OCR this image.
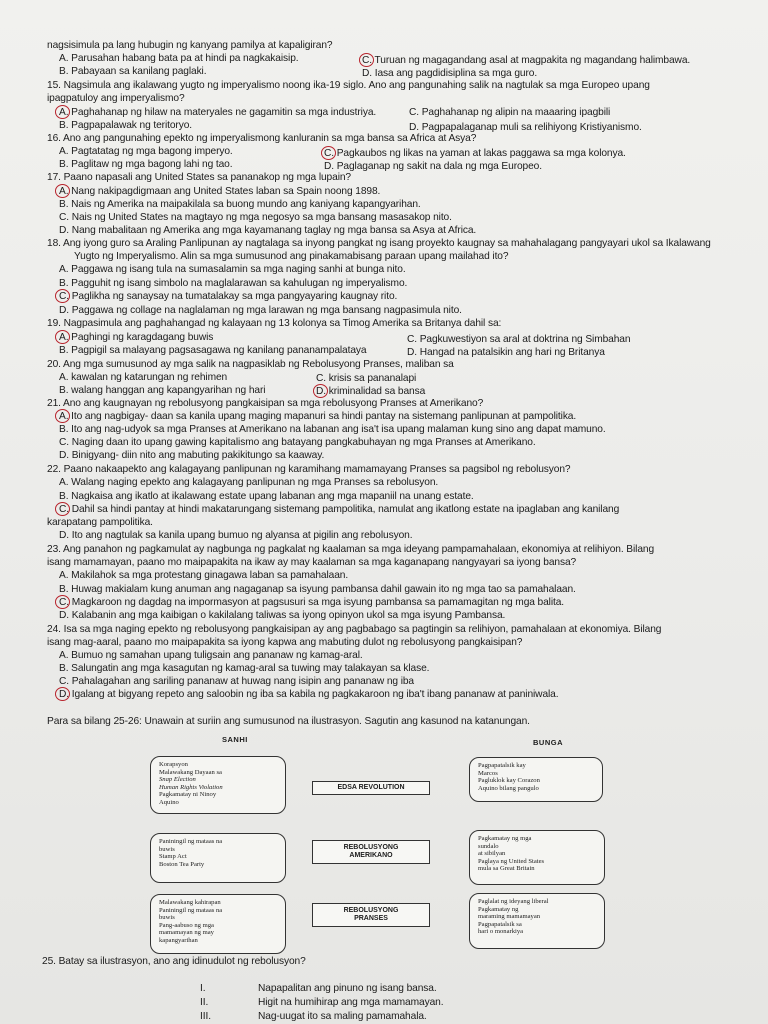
nagsisimula pa lang hubugin ng kanyang pamilya at kapaligiran?
A. Parusahan habang bata pa at hindi pa nagkakaisip.	C. Turuan ng magagandang asal at magpakita ng magandang halimbawa.
B. Pabayaan sa kanilang paglaki.	D. Iasa ang pagdidisiplina sa mga guro.
15. Nagsimula ang ikalawang yugto ng imperyalismo noong ika-19 siglo. Ano ang pangunahing salik na nagtulak sa mga Europeo upang
ipagpatuloy ang imperyalismo?
A. Paghahanap ng hilaw na materyales ne gagamitin sa mga industriya.	C. Paghahanap ng alipin na maaaring ipagbili
B. Pagpapalawak ng teritoryo.	D. Pagpapalaganap muli sa relihiyong Kristiyanismo.
16. Ano ang pangunahing epekto ng imperyalismong kanluranin sa mga bansa sa Africa at Asya?
A. Pagtatatag ng mga bagong imperyo.	C. Pagkaubos ng likas na yaman at lakas paggawa sa mga kolonya.
B. Paglitaw ng mga bagong lahi ng tao.	D. Paglaganap ng sakit na dala ng mga Europeo.
17. Paano napasali ang United States sa pananakop ng mga lupain?
A. Nang nakipagdigmaan ang United States laban sa Spain noong 1898.
B. Nais ng Amerika na maipakilala sa buong mundo ang kaniyang kapangyarihan.
C. Nais ng United States na magtayo ng mga negosyo sa mga bansang masasakop nito.
D. Nang mabalitaan ng Amerika ang mga kayamanang taglay ng mga bansa sa Asya at Africa.
18. Ang iyong guro sa Araling Panlipunan ay nagtalaga sa inyong pangkat ng isang proyekto kaugnay sa mahahalagang pangyayari ukol sa Ikalawang
Yugto ng Imperyalismo. Alin sa mga sumusunod ang pinakamabisang paraan upang mailahad ito?
A. Paggawa ng isang tula na sumasalamin sa mga naging sanhi at bunga nito.
B. Pagguhit ng isang simbolo na maglalarawan sa kahulugan ng imperyalismo.
C. Paglikha ng sanaysay na tumatalakay sa mga pangyayaring kaugnay rito.
D. Paggawa ng collage na naglalaman ng mga larawan ng mga bansang nagpasimula nito.
19. Nagpasimula ang paghahangad ng kalayaan ng 13 kolonya sa Timog Amerika sa Britanya dahil sa:
A. Paghingi ng karagdagang buwis	C. Pagkuwestiyon sa aral at doktrina ng Simbahan
B. Pagpigil sa malayang pagsasagawa ng kanilang pananampalataya	D. Hangad na patalsikin ang hari ng Britanya
20. Ang mga sumusunod ay mga salik na nagpasiklab ng Rebolusyong Pranses, maliban sa
A. kawalan ng katarungan ng rehimen	C. krisis sa pananalapi
B. walang hanggan ang kapangyarihan ng hari	D. kriminalidad sa bansa
21. Ano ang kaugnayan ng rebolusyong pangkaisipan sa mga rebolusyong Pranses at Amerikano?
A. Ito ang nagbigay- daan sa kanila upang maging mapanuri sa hindi pantay na sistemang panlipunan at pampolitika.
B. Ito ang nag-udyok sa mga Pranses at Amerikano na labanan ang isa't isa upang malaman kung sino ang dapat mamuno.
C. Naging daan ito upang gawing kapitalismo ang batayang pangkabuhayan ng mga Pranses at Amerikano.
D. Binigyang- diin nito ang mabuting pakikitungo sa kaaway.
22. Paano nakaapekto ang kalagayang panlipunan ng karamihang mamamayang Pranses sa pagsibol ng rebolusyon?
A. Walang naging epekto ang kalagayang panlipunan ng mga Pranses sa rebolusyon.
B. Nagkaisa ang ikatlo at ikalawang estate upang labanan ang mga mapaniil na unang estate.
C. Dahil sa hindi pantay at hindi makatarungang sistemang pampolitika, namulat ang ikatlong estate na ipaglaban ang kanilang
karapatang pampolitika.
D. Ito ang nagtulak sa kanila upang bumuo ng alyansa at pigilin ang rebolusyon.
23. Ang panahon ng pagkamulat ay nagbunga ng pagkalat ng kaalaman sa mga ideyang pampamahalaan, ekonomiya at relihiyon. Bilang
isang mamamayan, paano mo maipapakita na ikaw ay may kaalaman sa mga kaganapang nangyayari sa iyong bansa?
A. Makilahok sa mga protestang ginagawa laban sa pamahalaan.
B. Huwag makialam kung anuman ang nagaganap sa isyung pambansa dahil gawain ito ng mga tao sa pamahalaan.
C. Magkaroon ng dagdag na impormasyon at pagsusuri sa mga isyung pambansa sa pamamagitan ng mga balita.
D. Kalabanin ang mga kaibigan o kakilalang taliwas sa iyong opinyon ukol sa mga isyung Pambansa.
24. Isa sa mga naging epekto ng rebolusyong pangkaisipan ay ang pagbabago sa pagtingin sa relihiyon, pamahalaan at ekonomiya. Bilang
isang mag-aaral, paano mo maipapakita sa iyong kapwa ang mabuting dulot ng rebolusyong pangkaisipan?
A. Bumuo ng samahan upang tuligsain ang pananaw ng kamag-aral.
B. Salungatin ang mga kasagutan ng kamag-aral sa tuwing may talakayan sa klase.
C. Pahalagahan ang sariling pananaw at huwag nang isipin ang pananaw ng iba
D. Igalang at bigyang repeto ang saloobin ng iba sa kabila ng pagkakaroon ng iba't ibang pananaw at paniniwala.
Para sa bilang 25-26: Unawain at suriin ang sumusunod na ilustrasyon. Sagutin ang kasunod na katanungan.
SANHI	BUNGA
Korapsyon
Malawakang Dayaan sa
Snap Election
Human Rights Violation
Pagkamatay ni Ninoy
Aquino
EDSA REVOLUTION
Pagpapatalsik kay
Marcos
Pagluklok kay Corazon
Aquino bilang pangulo
Paniningil ng mataas na
buwis
Stamp Act
Boston Tea Party
REBOLUSYONG AMERIKANO
Pagkamatay ng mga
sundalo
at sibilyan
Paglaya ng United States
mula sa Great Britain
Malawakang kahirapan
Paniningil ng mataas na
buwis
Pang-aabuso ng mga
mamamayan ng may
kapangyarihan
REBOLUSYONG PRANSES
Paglalat ng ideyang liberal
Pagkamatay ng
maraming mamamayan
Pagpapatalsik sa
hari o monarkiya
25. Batay sa ilustrasyon, ano ang idinudulot ng rebolusyon?
I.	Napapalitan ang pinuno ng isang bansa.
II.	Higit na humihirap ang mga mamamayan.
III.	Nag-uugat ito sa maling pamamahala.
